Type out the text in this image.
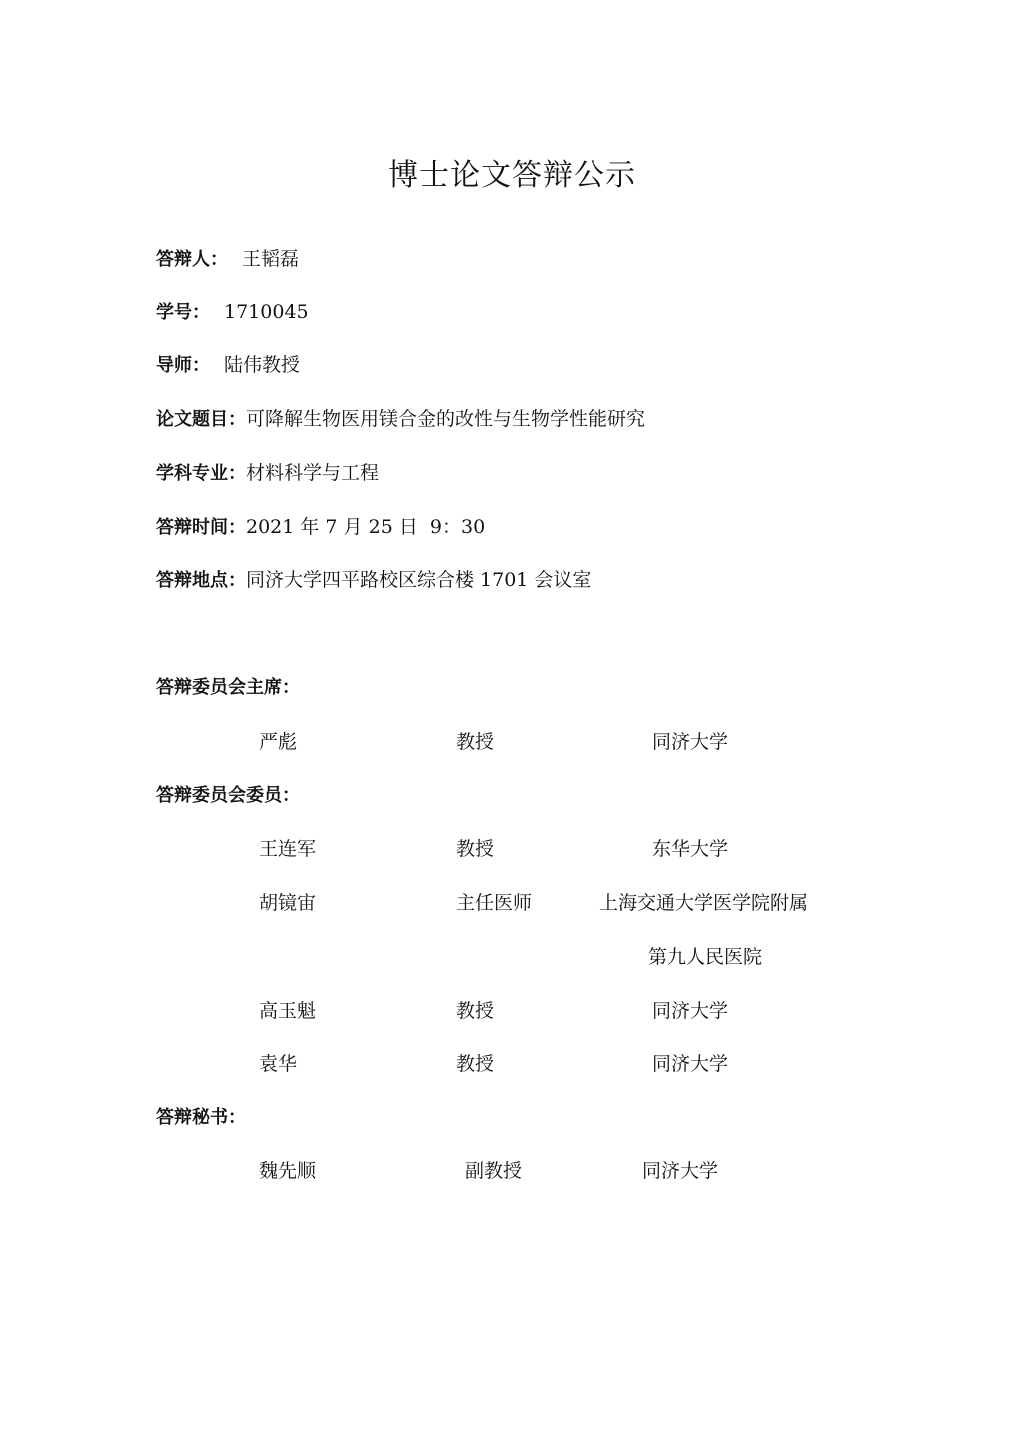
博士论文答辩公示
答辩人： 王韬磊
学号： 1710045
导师： 陆伟教授
论文题目：可降解生物医用镁合金的改性与生物学性能研究
学科专业：材料科学与工程
答辩时间：2021 年 7 月 25 日  9：30
答辩地点：同济大学四平路校区综合楼 1701 会议室
答辩委员会主席：
严彪	教授	同济大学
答辩委员会委员：
王连军	教授	东华大学
胡镜宙	主任医师	上海交通大学医学院附属
第九人民医院
高玉魁	教授	同济大学
袁华	教授	同济大学
答辩秘书：
魏先顺	副教授	同济大学
